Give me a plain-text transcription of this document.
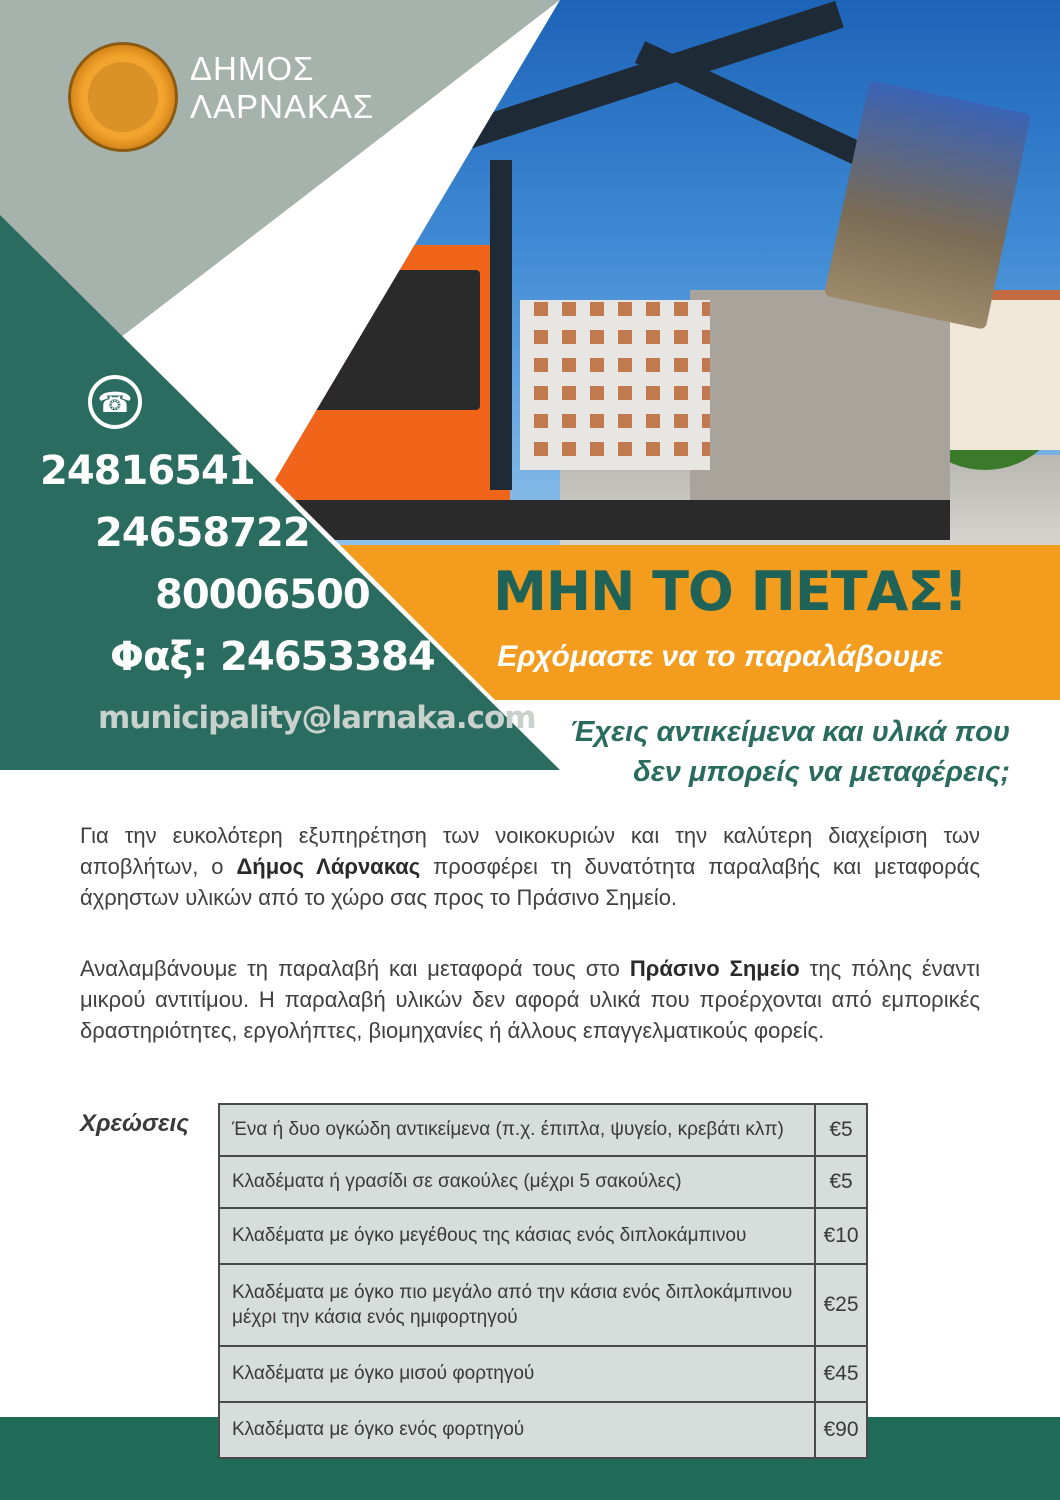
ΔΗΜΟΣ
ΛΑΡΝΑΚΑΣ
☎
24816541
24658722
80006500
Φαξ: 24653384
municipality@larnaka.com
ΜΗΝ ΤΟ ΠΕΤΑΣ!
Ερχόμαστε να το παραλάβουμε
Έχεις αντικείμενα και υλικά που
δεν μπορείς να μεταφέρεις;
Για την ευκολότερη εξυπηρέτηση των νοικοκυριών και την καλύτερη διαχείριση των αποβλήτων, ο Δήμος Λάρνακας προσφέρει τη δυνατότητα παραλαβής και μεταφοράς άχρηστων υλικών από το χώρο σας προς το Πράσινο Σημείο.
Αναλαμβάνουμε τη παραλαβή και μεταφορά τους στο Πράσινο Σημείο της πόλης έναντι μικρού αντιτίμου. Η παραλαβή υλικών δεν αφορά υλικά που προέρχονται από εμπορικές δραστηριότητες, εργολήπτες, βιομηχανίες ή άλλους επαγγελματικούς φορείς.
Χρεώσεις Ένα ή δυο ογκώδη αντικείμενα (π.χ. έπιπλα, ψυγείο, κρεβάτι κλπ)	€5
Κλαδέματα ή γρασίδι σε σακούλες (μέχρι 5 σακούλες)	€5
Κλαδέματα με όγκο μεγέθους της κάσιας ενός διπλοκάμπινου	€10
Κλαδέματα με όγκο πιο μεγάλο από την κάσια ενός διπλοκάμπινου μέχρι την κάσια ενός ημιφορτηγού	€25
Κλαδέματα με όγκο μισού φορτηγού	€45
Κλαδέματα με όγκο ενός φορτηγού	€90
